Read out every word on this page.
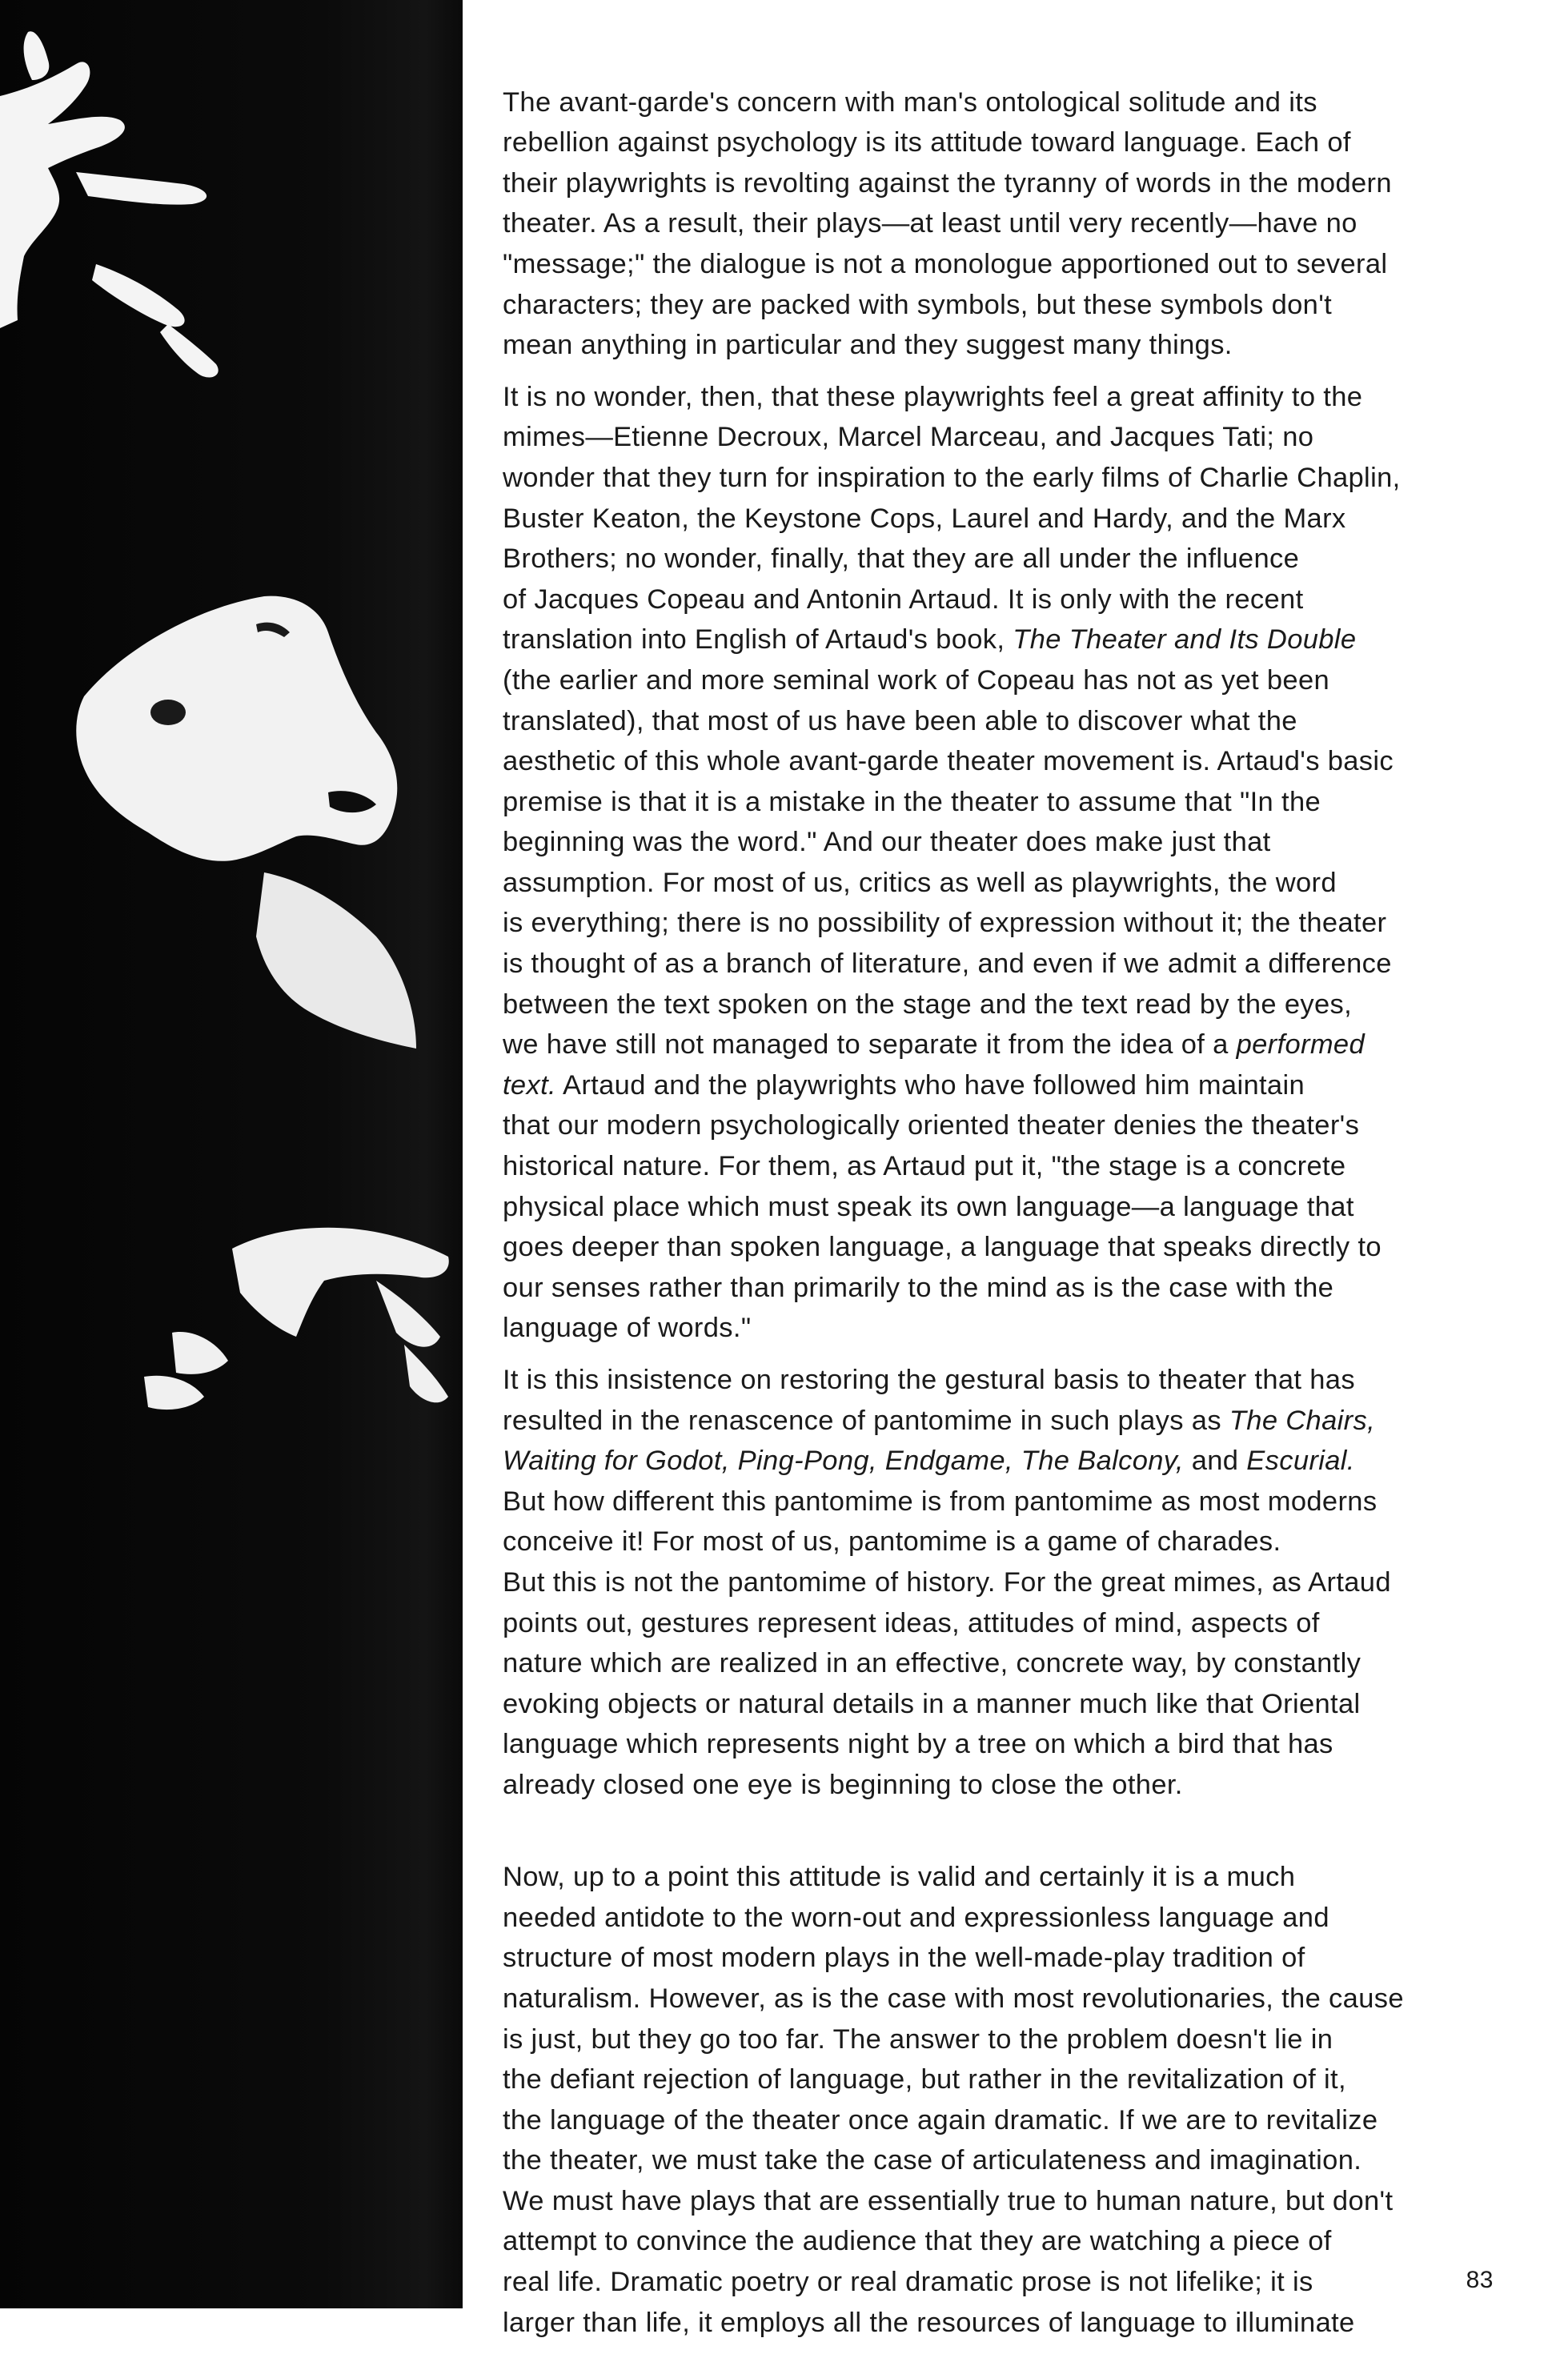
The avant-garde's concern with man's ontological solitude and its
rebellion against psychology is its attitude toward language. Each of
their playwrights is revolting against the tyranny of words in the modern
theater. As a result, their plays—at least until very recently—have no
"message;" the dialogue is not a monologue apportioned out to several
characters; they are packed with symbols, but these symbols don't
mean anything in particular and they suggest many things.

It is no wonder, then, that these playwrights feel a great affinity to the
mimes—Etienne Decroux, Marcel Marceau, and Jacques Tati; no
wonder that they turn for inspiration to the early films of Charlie Chaplin,
Buster Keaton, the Keystone Cops, Laurel and Hardy, and the Marx
Brothers; no wonder, finally, that they are all under the influence
of Jacques Copeau and Antonin Artaud. It is only with the recent
translation into English of Artaud's book, The Theater and Its Double
(the earlier and more seminal work of Copeau has not as yet been
translated), that most of us have been able to discover what the
aesthetic of this whole avant-garde theater movement is. Artaud's basic
premise is that it is a mistake in the theater to assume that "In the
beginning was the word." And our theater does make just that
assumption. For most of us, critics as well as playwrights, the word
is everything; there is no possibility of expression without it; the theater
is thought of as a branch of literature, and even if we admit a difference
between the text spoken on the stage and the text read by the eyes,
we have still not managed to separate it from the idea of a performed
text. Artaud and the playwrights who have followed him maintain
that our modern psychologically oriented theater denies the theater's
historical nature. For them, as Artaud put it, "the stage is a concrete
physical place which must speak its own language—a language that
goes deeper than spoken language, a language that speaks directly to
our senses rather than primarily to the mind as is the case with the
language of words."

It is this insistence on restoring the gestural basis to theater that has
resulted in the renascence of pantomime in such plays as The Chairs,
Waiting for Godot, Ping-Pong, Endgame, The Balcony, and Escurial.
But how different this pantomime is from pantomime as most moderns
conceive it! For most of us, pantomime is a game of charades.
But this is not the pantomime of history. For the great mimes, as Artaud
points out, gestures represent ideas, attitudes of mind, aspects of
nature which are realized in an effective, concrete way, by constantly
evoking objects or natural details in a manner much like that Oriental
language which represents night by a tree on which a bird that has
already closed one eye is beginning to close the other.

Now, up to a point this attitude is valid and certainly it is a much
needed antidote to the worn-out and expressionless language and
structure of most modern plays in the well-made-play tradition of
naturalism. However, as is the case with most revolutionaries, the cause
is just, but they go too far. The answer to the problem doesn't lie in
the defiant rejection of language, but rather in the revitalization of it,
the language of the theater once again dramatic. If we are to revitalize
the theater, we must take the case of articulateness and imagination.
We must have plays that are essentially true to human nature, but don't
attempt to convince the audience that they are watching a piece of
real life. Dramatic poetry or real dramatic prose is not lifelike; it is
larger than life, it employs all the resources of language to illuminate

83
